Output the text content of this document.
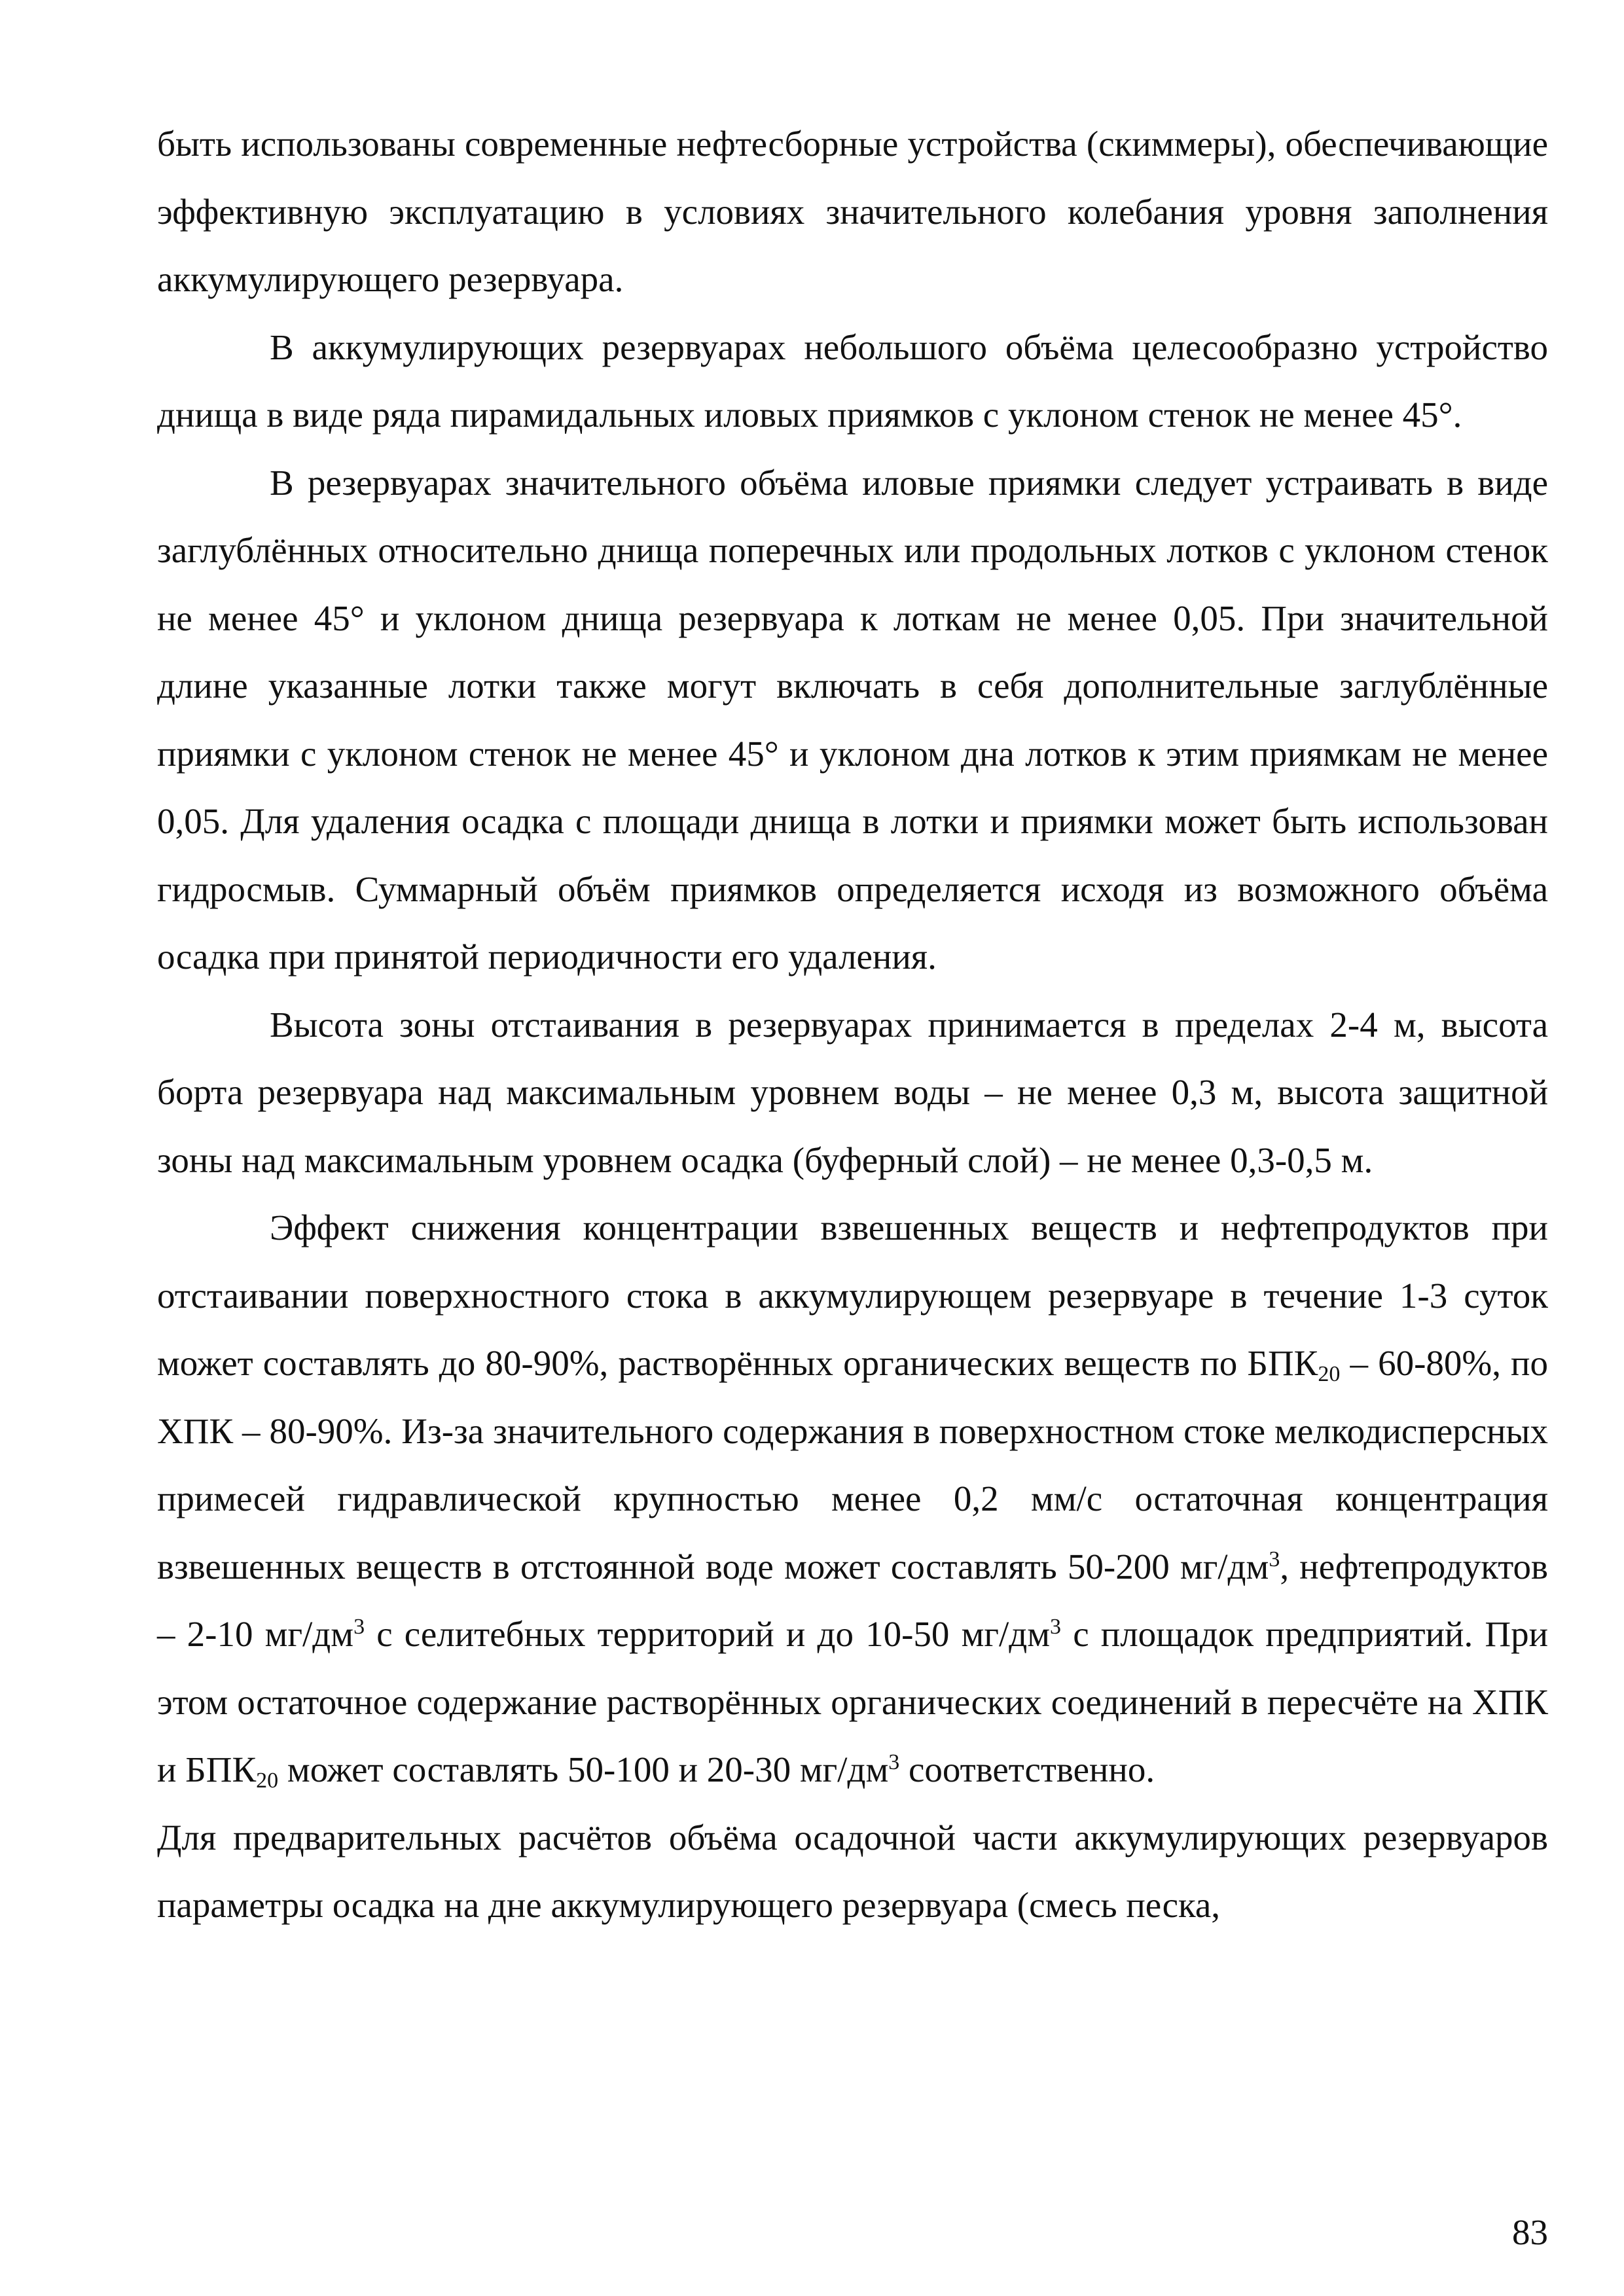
быть использованы современные нефтесборные устройства (скиммеры), обеспечивающие эффективную эксплуатацию в условиях значительного колебания уровня заполнения аккумулирующего резервуара.

В аккумулирующих резервуарах небольшого объёма целесообразно устройство днища в виде ряда пирамидальных иловых приямков с уклоном стенок не менее 45°.

В резервуарах значительного объёма иловые приямки следует устраивать в виде заглублённых относительно днища поперечных или продольных лотков с уклоном стенок не менее 45° и уклоном днища резервуара к лоткам не менее 0,05. При значительной длине указанные лотки также могут включать в себя дополнительные заглублённые приямки с уклоном стенок не менее 45° и уклоном дна лотков к этим приямкам не менее 0,05. Для удаления осадка с площади днища в лотки и приямки может быть использован гидросмыв. Суммарный объём приямков определяется исходя из возможного объёма осадка при принятой периодичности его удаления.

Высота зоны отстаивания в резервуарах принимается в пределах 2-4 м, высота борта резервуара над максимальным уровнем воды – не менее 0,3 м, высота защитной зоны над максимальным уровнем осадка (буферный слой) – не менее 0,3-0,5 м.

Эффект снижения концентрации взвешенных веществ и нефтепродуктов при отстаивании поверхностного стока в аккумулирующем резервуаре в течение 1-3 суток может составлять до 80-90%, растворённых органических веществ по $БПК_{20} - 60-80\%$, по ХПК – 80-90%. Из-за значительного содержания в поверхностном стоке мелкодисперсных примесей гидравлической крупностью менее 0,2 мм/с остаточная концентрация взвешенных веществ в отстоянной воде может составлять 50-200 $мг/дм^3$, нефтепродуктов – 2-10 $мг/дм^3$ с селитебных территорий и до 10-50 $мг/дм^3$ с площадок предприятий. При этом остаточное содержание растворённых органических соединений в пересчёте на ХПК и $БПК_{20}$ может составлять 50-100 и 20-30 $мг/дм^3$ соответственно.

Для предварительных расчётов объёма осадочной части аккумулирующих резервуаров параметры осадка на дне аккумулирующего резервуара (смесь песка,

83
